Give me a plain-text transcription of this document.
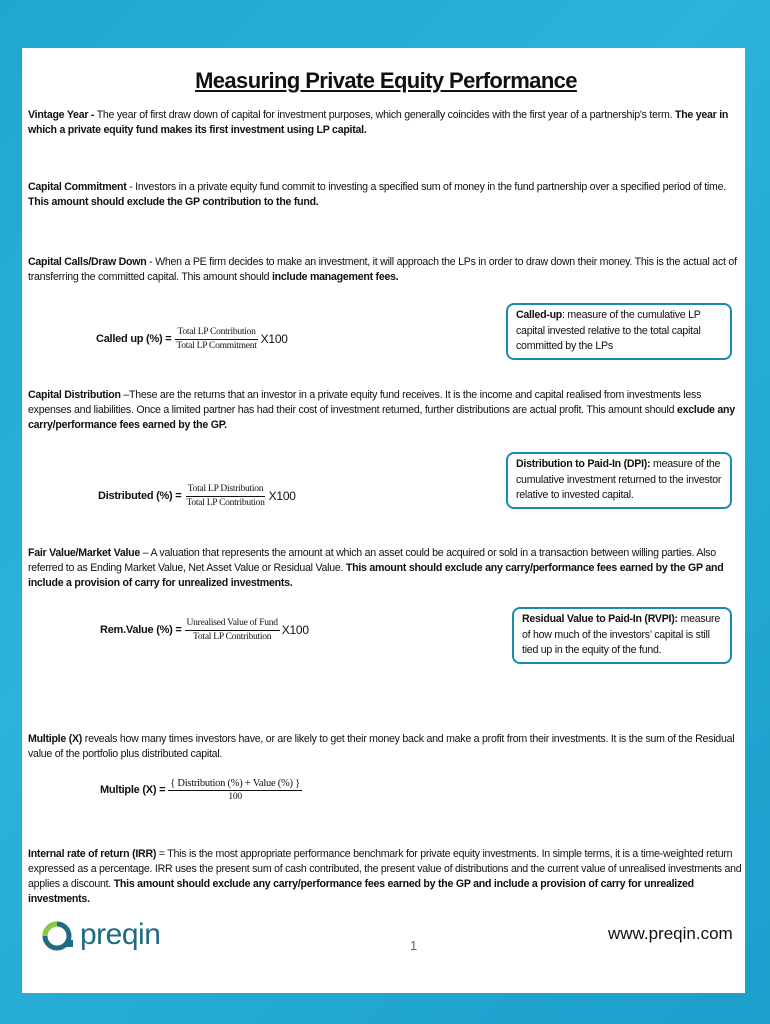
Measuring Private Equity Performance

Vintage Year - The year of first draw down of capital for investment purposes, which generally coincides with the first year of a partnership's term. The year in which a private equity fund makes its first investment using LP capital.

Capital Commitment - Investors in a private equity fund commit to investing a specified sum of money in the fund partnership over a specified period of time. This amount should exclude the GP contribution to the fund.

Capital Calls/Draw Down - When a PE firm decides to make an investment, it will approach the LPs in order to draw down their money. This is the actual act of transferring the committed capital. This amount should include management fees.

Called up (%) = $\frac{\text{Total LP Contribution}}{\text{Total LP Commitment}} X100$
Called-up: measure of the cumulative LP capital invested relative to the total capital committed by the LPs

Capital Distribution –These are the returns that an investor in a private equity fund receives. It is the income and capital realised from investments less expenses and liabilities. Once a limited partner has had their cost of investment returned, further distributions are actual profit. This amount should exclude any carry/performance fees earned by the GP.

Distributed (%) = $\frac{\text{Total LP Distribution}}{\text{Total LP Contribution}} X100$
Distribution to Paid-In (DPI): measure of the cumulative investment returned to the investor relative to invested capital.

Fair Value/Market Value – A valuation that represents the amount at which an asset could be acquired or sold in a transaction between willing parties. Also referred to as Ending Market Value, Net Asset Value or Residual Value. This amount should exclude any carry/performance fees earned by the GP and include a provision of carry for unrealized investments.

Rem.Value (%) = $\frac{\text{Unrealised Value of Fund}}{\text{Total LP Contribution}} X100$
Residual Value to Paid-In (RVPI): measure of how much of the investors’ capital is still tied up in the equity of the fund.

Multiple (X) reveals how many times investors have, or are likely to get their money back and make a profit from their investments. It is the sum of the Residual value of the portfolio plus distributed capital.

Multiple $(X) = \frac{\text{\{ Distribution (\%) + Value (\%) \}}}{100}$

Internal rate of return (IRR) = This is the most appropriate performance benchmark for private equity investments. In simple terms, it is a time-weighted return expressed as a percentage. IRR uses the present sum of cash contributed, the present value of distributions and the current value of unrealised investments and applies a discount. This amount should exclude any carry/performance fees earned by the GP and include a provision of carry for unrealized investments.

preqin	1
www.preqin.com
